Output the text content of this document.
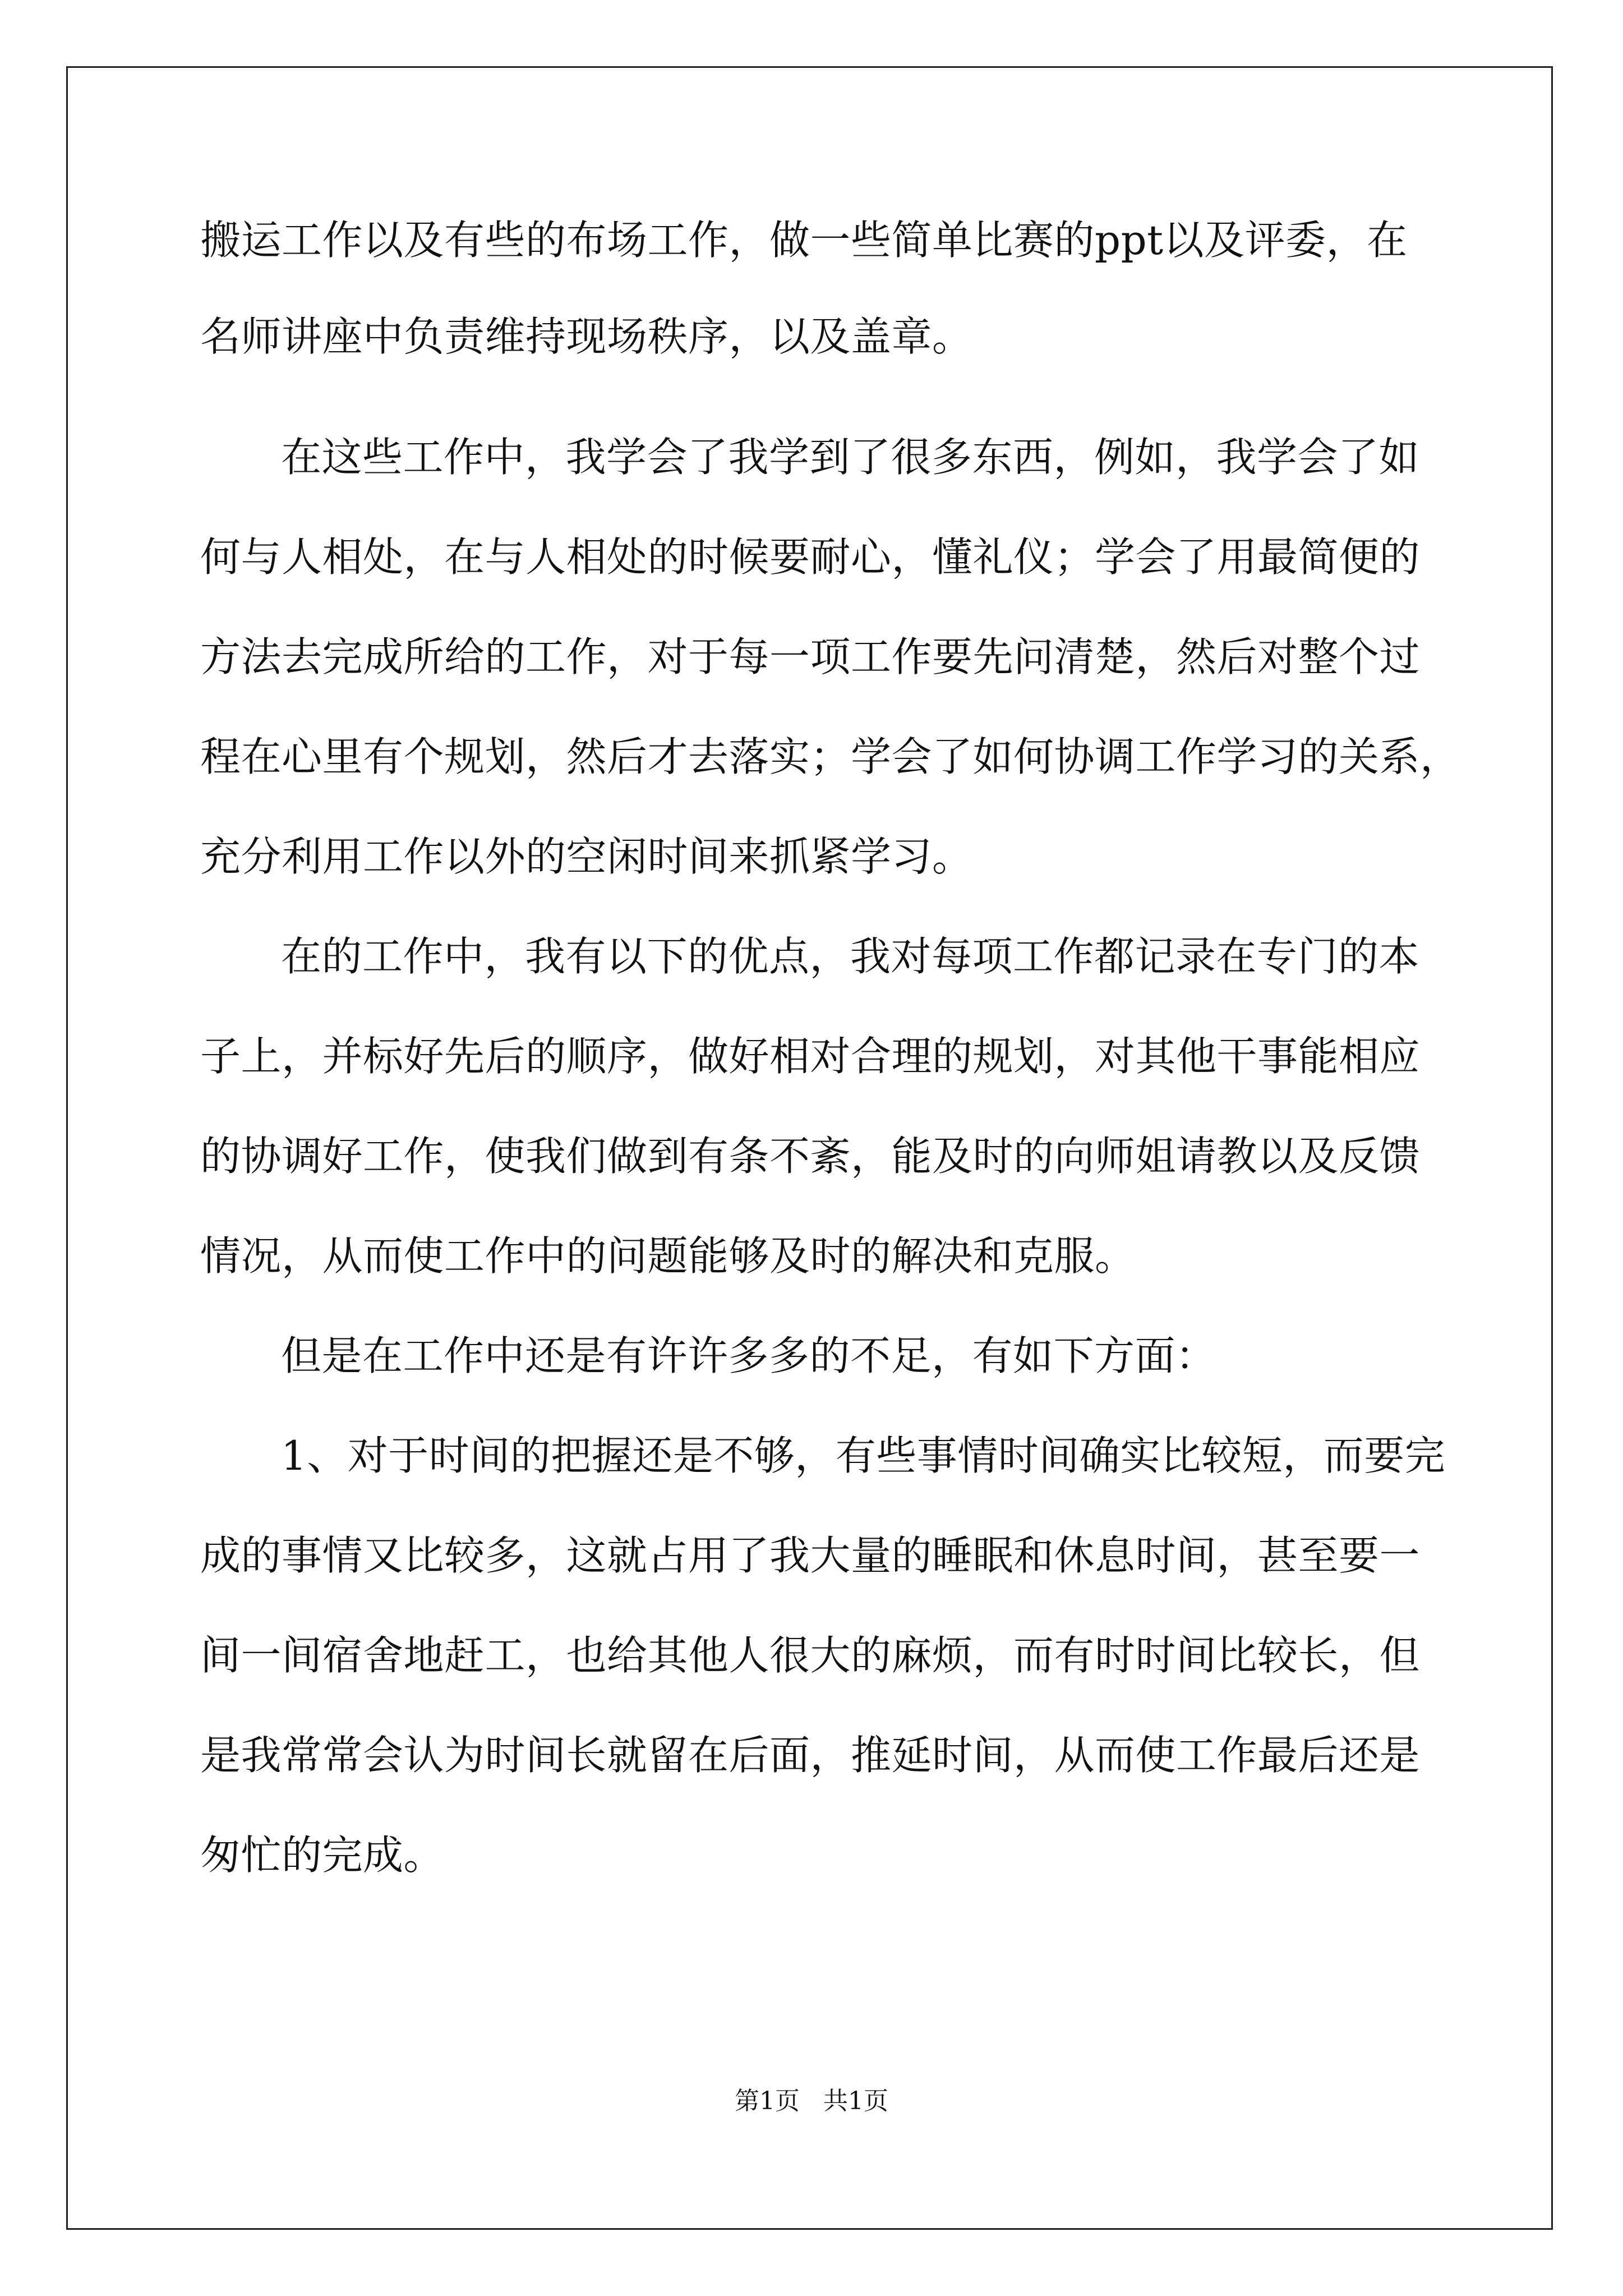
搬运工作以及有些的布场工作，做一些简单比赛的ppt以及评委，在
名师讲座中负责维持现场秩序，以及盖章。
在这些工作中，我学会了我学到了很多东西，例如，我学会了如
何与人相处，在与人相处的时候要耐心，懂礼仪；学会了用最简便的
方法去完成所给的工作，对于每一项工作要先问清楚，然后对整个过
程在心里有个规划，然后才去落实；学会了如何协调工作学习的关系，
充分利用工作以外的空闲时间来抓紧学习。
在的工作中，我有以下的优点，我对每项工作都记录在专门的本
子上，并标好先后的顺序，做好相对合理的规划，对其他干事能相应
的协调好工作，使我们做到有条不紊，能及时的向师姐请教以及反馈
情况，从而使工作中的问题能够及时的解决和克服。
但是在工作中还是有许许多多的不足，有如下方面：
1、对于时间的把握还是不够，有些事情时间确实比较短，而要完
成的事情又比较多，这就占用了我大量的睡眠和休息时间，甚至要一
间一间宿舍地赶工，也给其他人很大的麻烦，而有时时间比较长，但
是我常常会认为时间长就留在后面，推延时间，从而使工作最后还是
匆忙的完成。
第1页   共1页
